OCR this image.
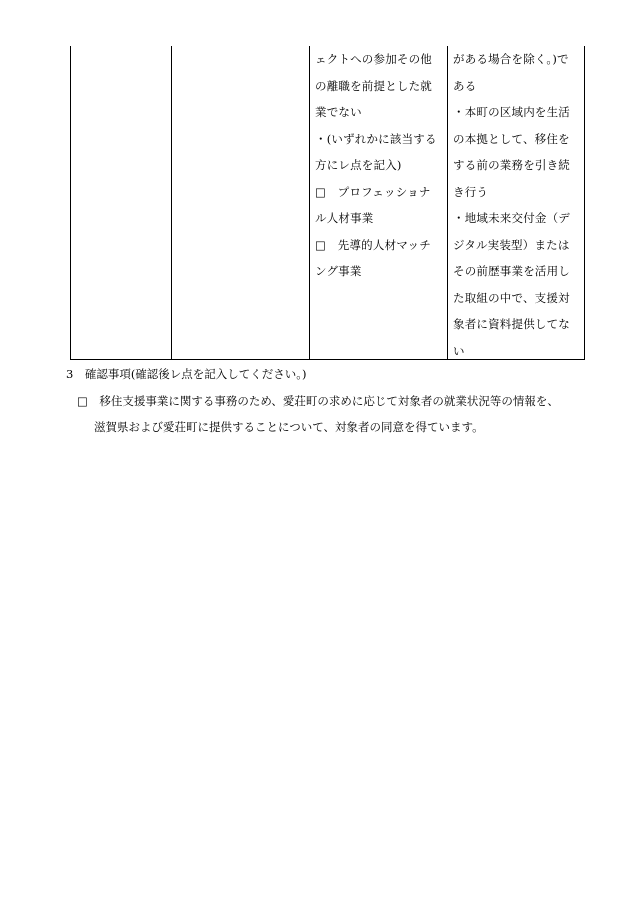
ェクトへの参加その他
の離職を前提とした就
業でない
・(いずれかに該当する
方にレ点を記入)
□　プロフェッショナ
ル人材事業
□　先導的人材マッチ
ング事業
がある場合を除く。)で
ある
・本町の区域内を生活
の本拠として、移住を
する前の業務を引き続
き行う
・地域未来交付金（デ
ジタル実装型）または
その前歴事業を活用し
た取組の中で、支援対
象者に資料提供してな
い
3　確認事項(確認後レ点を記入してください。)
□　移住支援事業に関する事務のため、愛荘町の求めに応じて対象者の就業状況等の情報を、
滋賀県および愛荘町に提供することについて、対象者の同意を得ています。
